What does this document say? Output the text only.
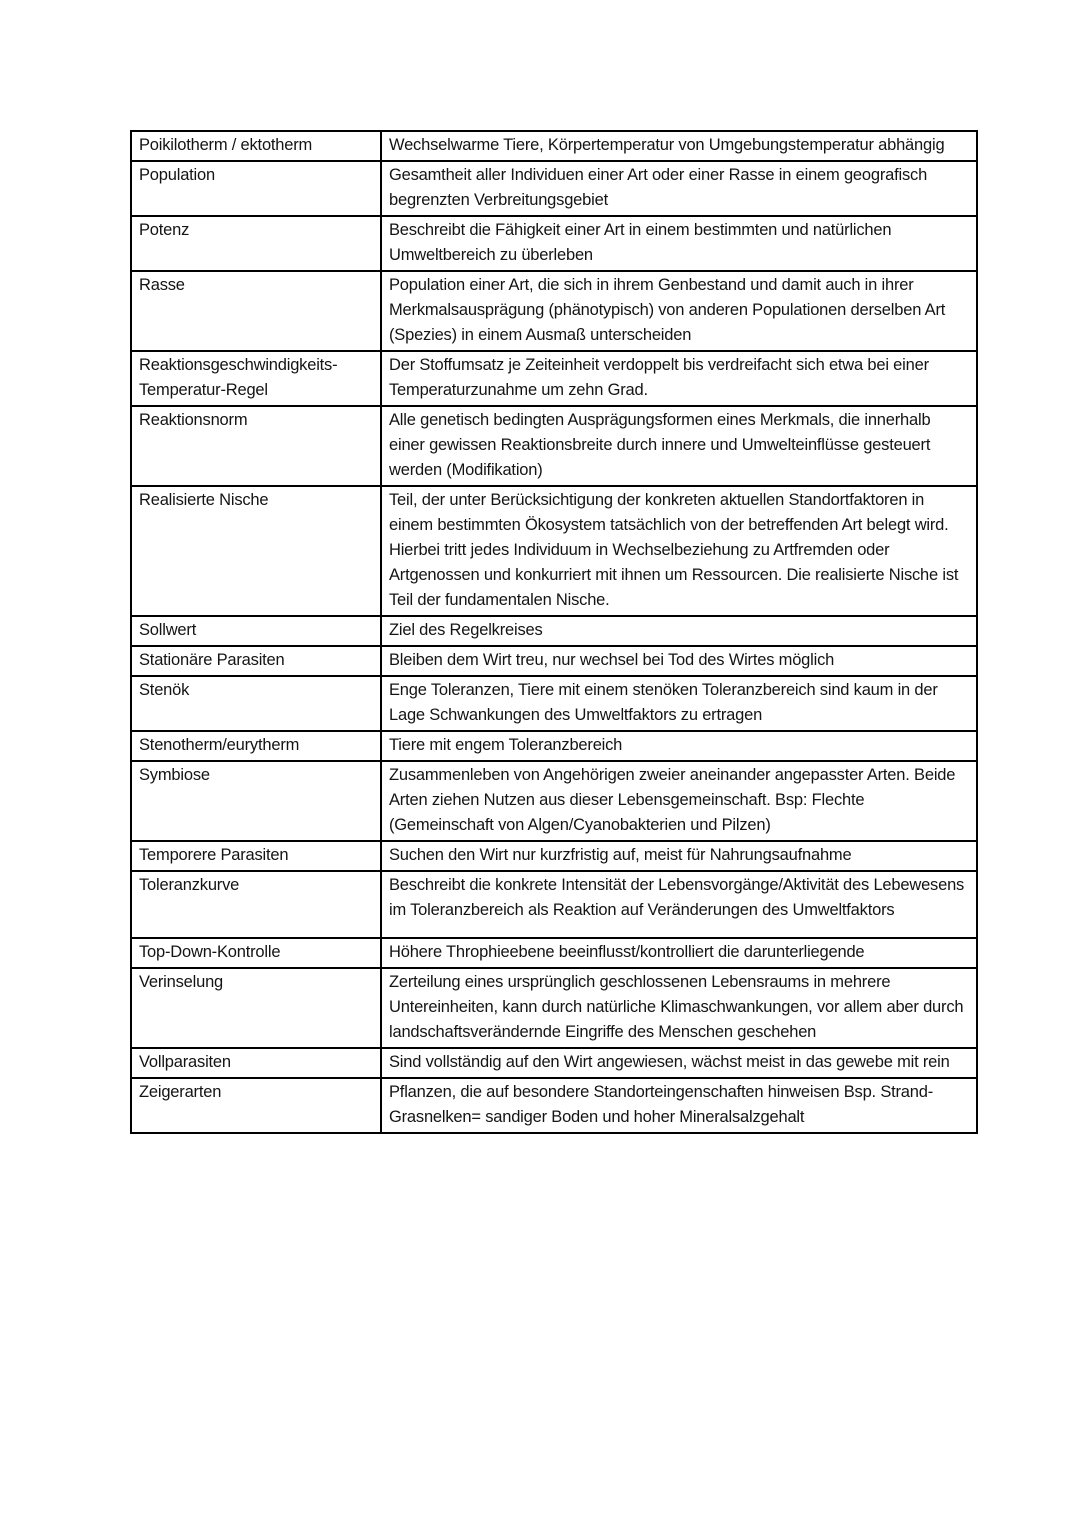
Poikilotherm / ektotherm	Wechselwarme Tiere, Körpertemperatur von Umgebungstemperatur abhängig
Population	Gesamtheit aller Individuen einer Art oder einer Rasse in einem geografisch begrenzten Verbreitungsgebiet
Potenz	Beschreibt die Fähigkeit einer Art in einem bestimmten und natürlichen Umweltbereich zu überleben
Rasse	Population einer Art, die sich in ihrem Genbestand und damit auch in ihrer Merkmalsausprägung (phänotypisch) von anderen Populationen derselben Art (Spezies) in einem Ausmaß unterscheiden
Reaktionsgeschwindigkeits-Temperatur-Regel	Der Stoffumsatz je Zeiteinheit verdoppelt bis verdreifacht sich etwa bei einer Temperaturzunahme um zehn Grad.
Reaktionsnorm	Alle genetisch bedingten Ausprägungsformen eines Merkmals, die innerhalb einer gewissen Reaktionsbreite durch innere und Umwelteinflüsse gesteuert werden (Modifikation)
Realisierte Nische	Teil, der unter Berücksichtigung der konkreten aktuellen Standortfaktoren in einem bestimmten Ökosystem tatsächlich von der betreffenden Art belegt wird. Hierbei tritt jedes Individuum in Wechselbeziehung zu Artfremden oder Artgenossen und konkurriert mit ihnen um Ressourcen. Die realisierte Nische ist Teil der fundamentalen Nische.
Sollwert	Ziel des Regelkreises
Stationäre Parasiten	Bleiben dem Wirt treu, nur wechsel bei Tod des Wirtes möglich
Stenök	Enge Toleranzen, Tiere mit einem stenöken Toleranzbereich sind kaum in der Lage Schwankungen des Umweltfaktors zu ertragen
Stenotherm/eurytherm	Tiere mit engem Toleranzbereich
Symbiose	Zusammenleben von Angehörigen zweier aneinander angepasster Arten. Beide Arten ziehen Nutzen aus dieser Lebensgemeinschaft. Bsp: Flechte (Gemeinschaft von Algen/Cyanobakterien und Pilzen)
Temporere Parasiten	Suchen den Wirt nur kurzfristig auf, meist für Nahrungsaufnahme
Toleranzkurve	Beschreibt die konkrete Intensität der Lebensvorgänge/Aktivität des Lebewesens im Toleranzbereich als Reaktion auf Veränderungen des Umweltfaktors
Top-Down-Kontrolle	Höhere Throphieebene beeinflusst/kontrolliert die darunterliegende
Verinselung	Zerteilung eines ursprünglich geschlossenen Lebensraums in mehrere Untereinheiten, kann durch natürliche Klimaschwankungen, vor allem aber durch landschaftsverändernde Eingriffe des Menschen geschehen
Vollparasiten	Sind vollständig auf den Wirt angewiesen, wächst meist in das gewebe mit rein
Zeigerarten	Pflanzen, die auf besondere Standorteingenschaften hinweisen Bsp. Strand-Grasnelken= sandiger Boden und hoher Mineralsalzgehalt
